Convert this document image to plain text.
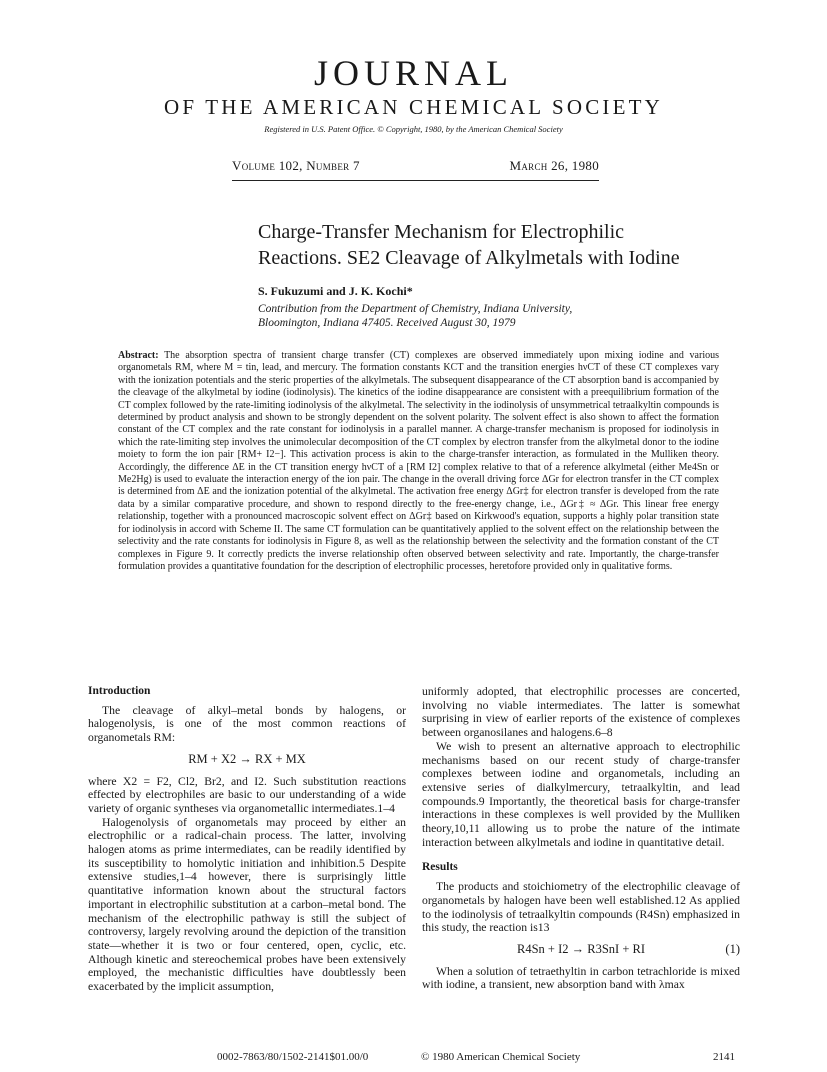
JOURNAL
OF THE AMERICAN CHEMICAL SOCIETY
Registered in U.S. Patent Office. © Copyright, 1980, by the American Chemical Society
Volume 102, Number 7	March 26, 1980
Charge-Transfer Mechanism for Electrophilic
Reactions. SE2 Cleavage of Alkylmetals with Iodine
S. Fukuzumi and J. K. Kochi*
Contribution from the Department of Chemistry, Indiana University,
Bloomington, Indiana 47405. Received August 30, 1979
Abstract: The absorption spectra of transient charge transfer (CT) complexes are observed immediately upon mixing iodine and various organometals RM, where M = tin, lead, and mercury. The formation constants KCT and the transition energies hνCT of these CT complexes vary with the ionization potentials and the steric properties of the alkylmetals. The subsequent disappearance of the CT absorption band is accompanied by the cleavage of the alkylmetal by iodine (iodinolysis). The kinetics of the iodine disappearance are consistent with a preequilibrium formation of the CT complex followed by the rate-limiting iodinolysis of the alkylmetal. The selectivity in the iodinolysis of unsymmetrical tetraalkyltin compounds is determined by product analysis and shown to be strongly dependent on the solvent polarity. The solvent effect is also shown to affect the formation constant of the CT complex and the rate constant for iodinolysis in a parallel manner. A charge-transfer mechanism is proposed for iodinolysis in which the rate-limiting step involves the unimolecular decomposition of the CT complex by electron transfer from the alkylmetal donor to the iodine moiety to form the ion pair [RM+ I2−]. This activation process is akin to the charge-transfer interaction, as formulated in the Mulliken theory. Accordingly, the difference ΔE in the CT transition energy hνCT of a [RM I2] complex relative to that of a reference alkylmetal (either Me4Sn or Me2Hg) is used to evaluate the interaction energy of the ion pair. The change in the overall driving force ΔGr for electron transfer in the CT complex is determined from ΔE and the ionization potential of the alkylmetal. The activation free energy ΔGr‡ for electron transfer is developed from the rate data by a similar comparative procedure, and shown to respond directly to the free-energy change, i.e., ΔGr‡ ≈ ΔGr. This linear free energy relationship, together with a pronounced macroscopic solvent effect on ΔGr‡ based on Kirkwood's equation, supports a highly polar transition state for iodinolysis in accord with Scheme II. The same CT formulation can be quantitatively applied to the solvent effect on the relationship between the selectivity and the rate constants for iodinolysis in Figure 8, as well as the relationship between the selectivity and the formation constant of the CT complexes in Figure 9. It correctly predicts the inverse relationship often observed between selectivity and rate. Importantly, the charge-transfer formulation provides a quantitative foundation for the description of electrophilic processes, heretofore provided only in qualitative forms.
Introduction

The cleavage of alkyl–metal bonds by halogens, or halogenolysis, is one of the most common reactions of organometals RM:

RM + X2 → RX + MX

where X2 = F2, Cl2, Br2, and I2. Such substitution reactions effected by electrophiles are basic to our understanding of a wide variety of organic syntheses via organometallic intermediates.1–4

Halogenolysis of organometals may proceed by either an electrophilic or a radical-chain process. The latter, involving halogen atoms as prime intermediates, can be readily identified by its susceptibility to homolytic initiation and inhibition.5 Despite extensive studies,1–4 however, there is surprisingly little quantitative information known about the structural factors important in electrophilic substitution at a carbon–metal bond. The mechanism of the electrophilic pathway is still the subject of controversy, largely revolving around the depiction of the transition state—whether it is two or four centered, open, cyclic, etc. Although kinetic and stereochemical probes have been extensively employed, the mechanistic difficulties have doubtlessly been exacerbated by the implicit assumption,

uniformly adopted, that electrophilic processes are concerted, involving no viable intermediates. The latter is somewhat surprising in view of earlier reports of the existence of complexes between organosilanes and halogens.6–8

We wish to present an alternative approach to electrophilic mechanisms based on our recent study of charge-transfer complexes between iodine and organometals, including an extensive series of dialkylmercury, tetraalkyltin, and lead compounds.9 Importantly, the theoretical basis for charge-transfer interactions in these complexes is well provided by the Mulliken theory,10,11 allowing us to probe the nature of the intimate interaction between alkylmetals and iodine in quantitative detail.

Results

The products and stoichiometry of the electrophilic cleavage of organometals by halogen have been well established.12 As applied to the iodinolysis of tetraalkyltin compounds (R4Sn) emphasized in this study, the reaction is13

R4Sn + I2 → R3SnI + RI	(1)

When a solution of tetraethyltin in carbon tetrachloride is mixed with iodine, a transient, new absorption band with λmax

0002-7863/80/1502-2141$01.00/0	© 1980 American Chemical Society	2141
